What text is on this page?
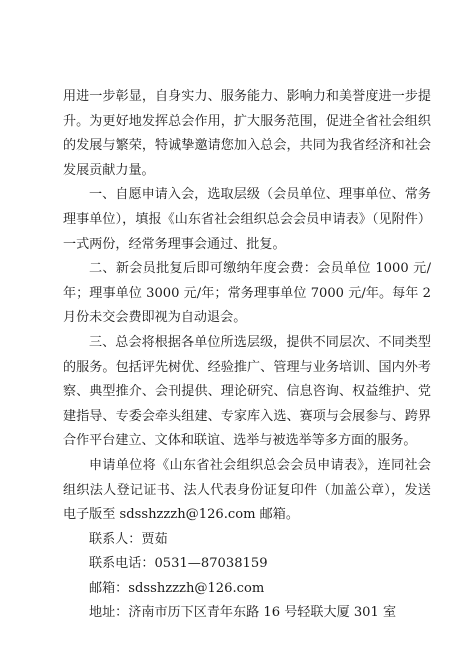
用进一步彰显，自身实力、服务能力、影响力和美誉度进一步提升。为更好地发挥总会作用，扩大服务范围，促进全省社会组织的发展与繁荣，特诚挚邀请您加入总会，共同为我省经济和社会发展贡献力量。

一、自愿申请入会，选取层级（会员单位、理事单位、常务理事单位），填报《山东省社会组织总会会员申请表》（见附件）一式两份，经常务理事会通过、批复。

二、新会员批复后即可缴纳年度会费：会员单位 1000 元/年；理事单位 3000 元/年；常务理事单位 7000 元/年。每年 2 月份未交会费即视为自动退会。

三、总会将根据各单位所选层级，提供不同层次、不同类型的服务。包括评先树优、经验推广、管理与业务培训、国内外考察、典型推介、会刊提供、理论研究、信息咨询、权益维护、党建指导、专委会牵头组建、专家库入选、赛项与会展参与、跨界合作平台建立、文体和联谊、选举与被选举等多方面的服务。

申请单位将《山东省社会组织总会会员申请表》，连同社会组织法人登记证书、法人代表身份证复印件（加盖公章），发送电子版至 sdsshzzzh@126.com 邮箱。

联系人：贾茹

联系电话：0531—87038159

邮箱：sdsshzzzh@126.com

地址：济南市历下区青年东路 16 号轻联大厦 301 室
